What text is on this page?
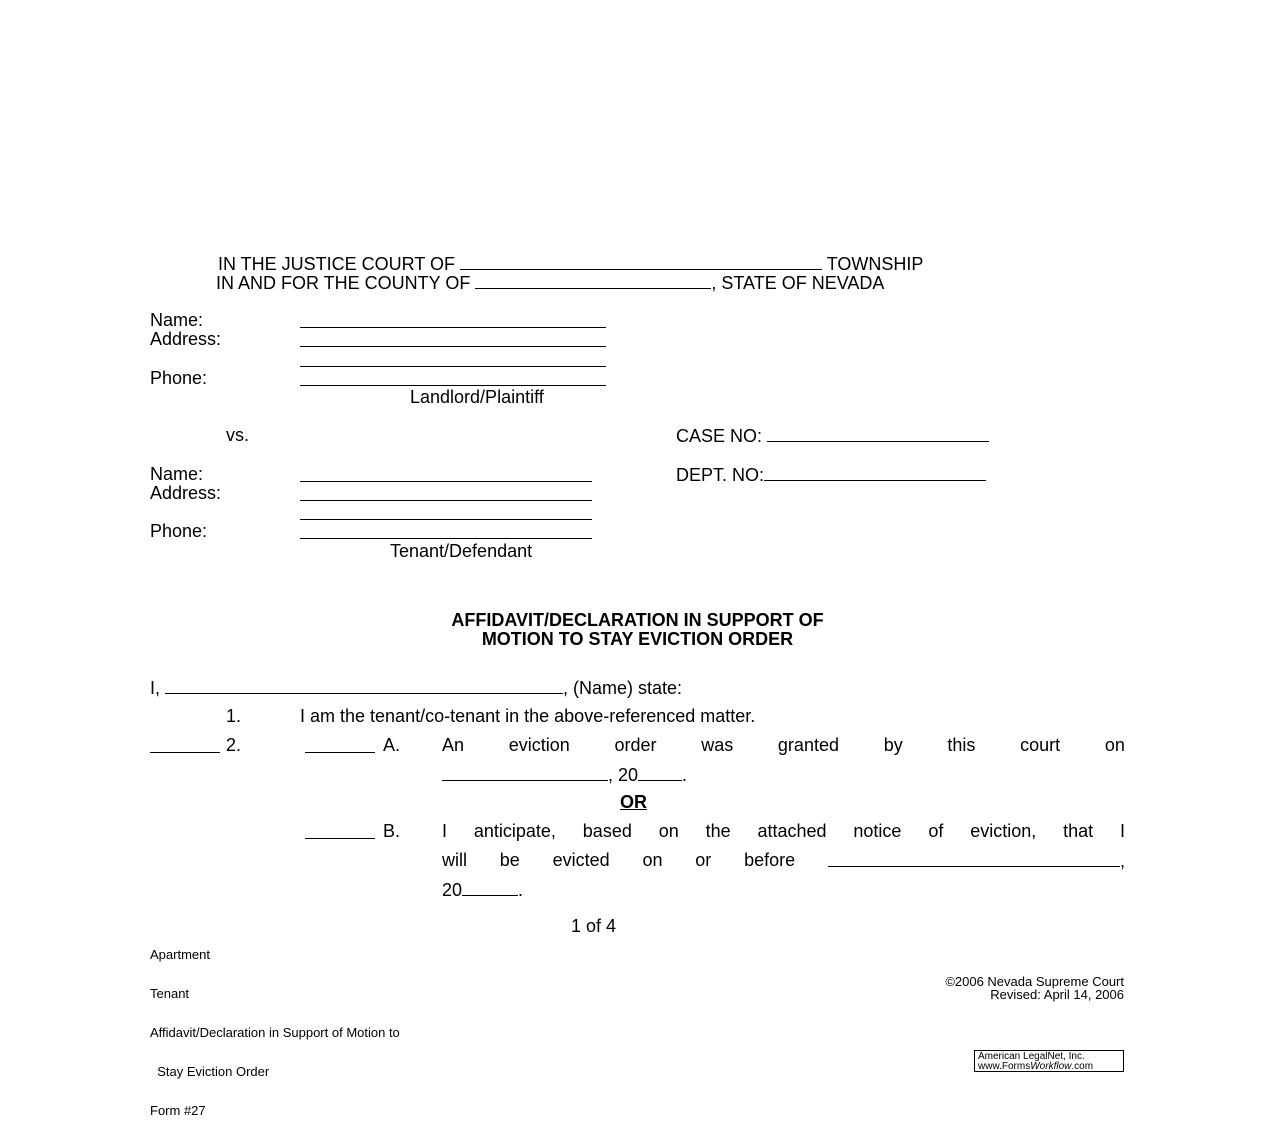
IN THE JUSTICE COURT OF	TOWNSHIP
IN AND FOR THE COUNTY OF	, STATE OF NEVADA
Name:
Address:
Phone:
Landlord/Plaintiff
vs.	CASE NO:
DEPT. NO:
Name:
Address:
Phone:
Tenant/Defendant
AFFIDAVIT/DECLARATION IN SUPPORT OF
MOTION TO STAY EVICTION ORDER
I,	, (Name) state:
1.	I am the tenant/co-tenant in the above-referenced matter.
2.	A. An eviction order was granted by this court on
, 20 .
OR
B. I anticipate, based on the attached notice of eviction, that I
will be evicted on or before	,
20	.
1 of 4

Apartment

Tenant

Affidavit/Declaration in Support of Motion to

Stay Eviction Order

Form #27

©2006 Nevada Supreme Court
Revised: April 14, 2006
American LegalNet, Inc.
www.FormsWorkflow.com
